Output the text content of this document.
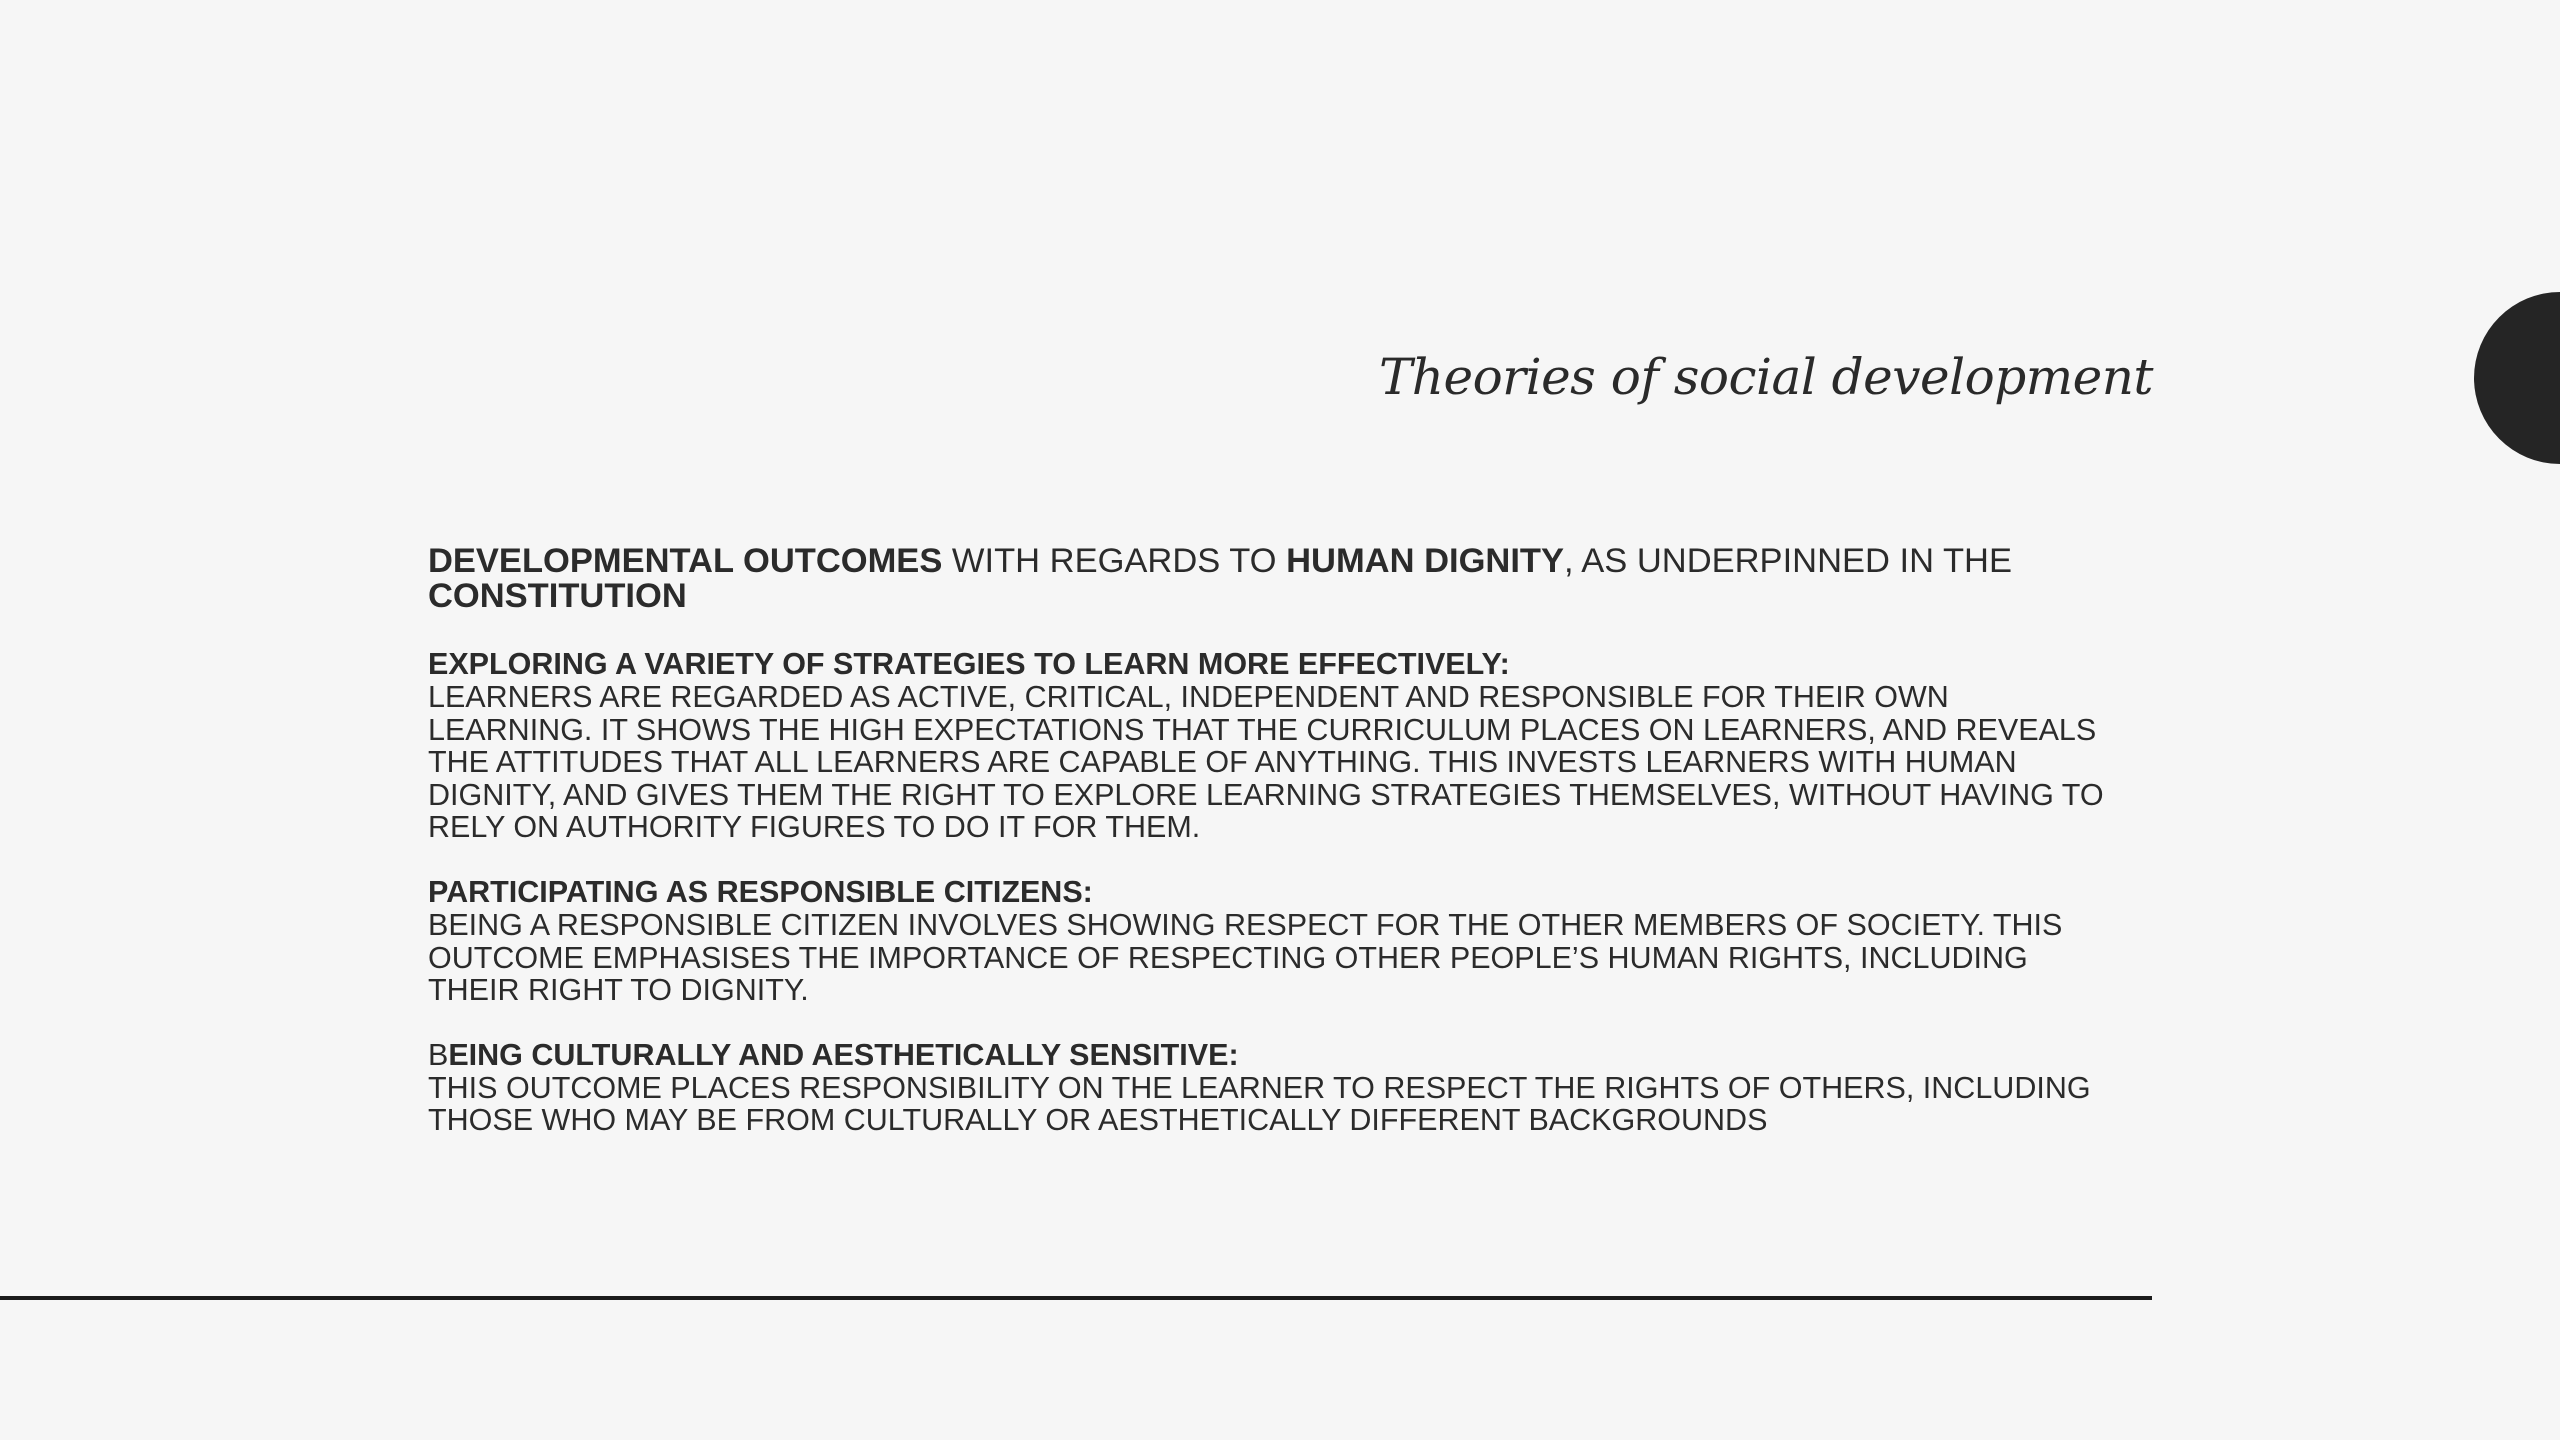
Theories of social development
DEVELOPMENTAL OUTCOMES WITH REGARDS TO HUMAN DIGNITY, AS UNDERPINNED IN THE CONSTITUTION
EXPLORING A VARIETY OF STRATEGIES TO LEARN MORE EFFECTIVELY:
LEARNERS ARE REGARDED AS ACTIVE, CRITICAL, INDEPENDENT AND RESPONSIBLE FOR THEIR OWN LEARNING. IT SHOWS THE HIGH EXPECTATIONS THAT THE CURRICULUM PLACES ON LEARNERS, AND REVEALS THE ATTITUDES THAT ALL LEARNERS ARE CAPABLE OF ANYTHING. THIS INVESTS LEARNERS WITH HUMAN DIGNITY, AND GIVES THEM THE RIGHT TO EXPLORE LEARNING STRATEGIES THEMSELVES, WITHOUT HAVING TO RELY ON AUTHORITY FIGURES TO DO IT FOR THEM.
PARTICIPATING AS RESPONSIBLE CITIZENS:
BEING A RESPONSIBLE CITIZEN INVOLVES SHOWING RESPECT FOR THE OTHER MEMBERS OF SOCIETY. THIS OUTCOME EMPHASISES THE IMPORTANCE OF RESPECTING OTHER PEOPLE’S HUMAN RIGHTS, INCLUDING THEIR RIGHT TO DIGNITY.
BEING CULTURALLY AND AESTHETICALLY SENSITIVE:
THIS OUTCOME PLACES RESPONSIBILITY ON THE LEARNER TO RESPECT THE RIGHTS OF OTHERS, INCLUDING THOSE WHO MAY BE FROM CULTURALLY OR AESTHETICALLY DIFFERENT BACKGROUNDS
